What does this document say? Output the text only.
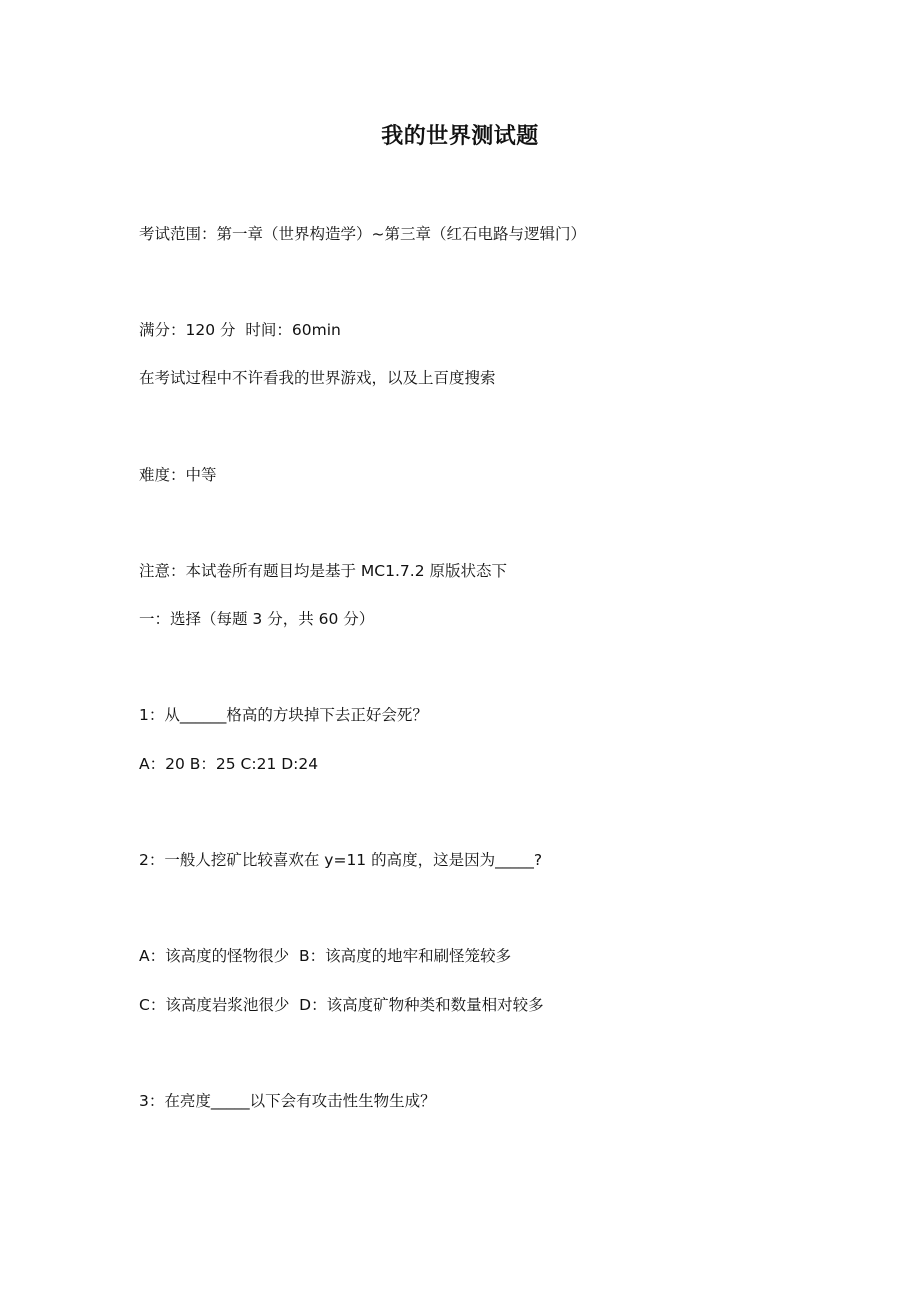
我的世界测试题
考试范围：第一章（世界构造学）~第三章（红石电路与逻辑门）
满分：120 分  时间：60min
在考试过程中不许看我的世界游戏，以及上百度搜索
难度：中等
注意：本试卷所有题目均是基于 MC1.7.2 原版状态下
一：选择（每题 3 分，共 60 分）
1：从______格高的方块掉下去正好会死？
A：20 B：25 C:21 D:24
2：一般人挖矿比较喜欢在 y=11 的高度，这是因为_____?
A：该高度的怪物很少  B：该高度的地牢和刷怪笼较多
C：该高度岩浆池很少  D：该高度矿物种类和数量相对较多
3：在亮度_____以下会有攻击性生物生成？
